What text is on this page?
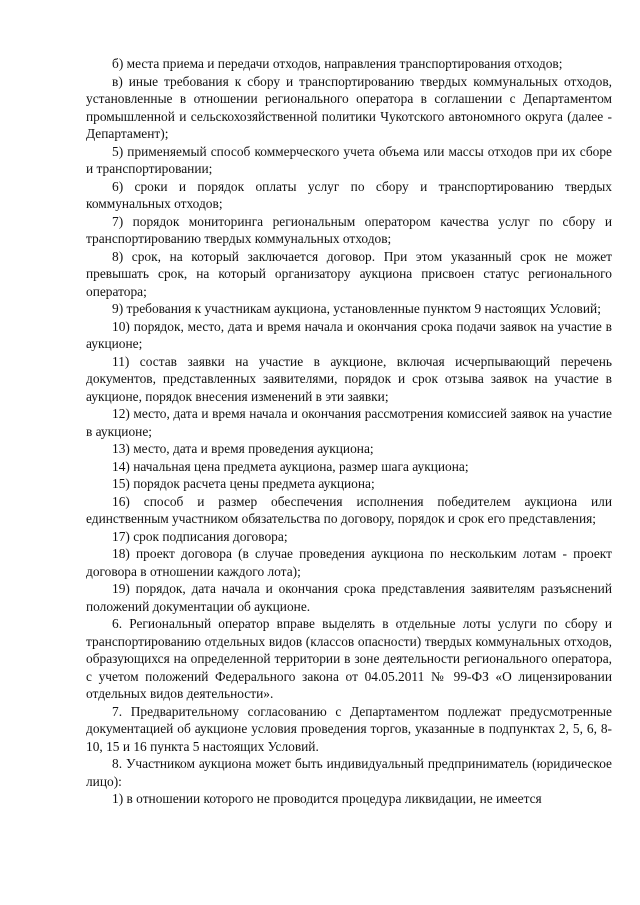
б) места приема и передачи отходов, направления транспортирования отходов;

в) иные требования к сбору и транспортированию твердых коммунальных отходов, установленные в отношении регионального оператора в соглашении с Департаментом промышленной и сельскохозяйственной политики Чукотского автономного округа (далее - Департамент);

5) применяемый способ коммерческого учета объема или массы отходов при их сборе и транспортировании;

6) сроки и порядок оплаты услуг по сбору и транспортированию твердых коммунальных отходов;

7) порядок мониторинга региональным оператором качества услуг по сбору и транспортированию твердых коммунальных отходов;

8) срок, на который заключается договор. При этом указанный срок не может превышать срок, на который организатору аукциона присвоен статус регионального оператора;

9) требования к участникам аукциона, установленные пунктом 9 настоящих Условий;

10) порядок, место, дата и время начала и окончания срока подачи заявок на участие в аукционе;

11) состав заявки на участие в аукционе, включая исчерпывающий перечень документов, представленных заявителями, порядок и срок отзыва заявок на участие в аукционе, порядок внесения изменений в эти заявки;

12) место, дата и время начала и окончания рассмотрения комиссией заявок на участие в аукционе;

13) место, дата и время проведения аукциона;

14) начальная цена предмета аукциона, размер шага аукциона;

15) порядок расчета цены предмета аукциона;

16) способ и размер обеспечения исполнения победителем аукциона или единственным участником обязательства по договору, порядок и срок его представления;

17) срок подписания договора;

18) проект договора (в случае проведения аукциона по нескольким лотам - проект договора в отношении каждого лота);

19) порядок, дата начала и окончания срока представления заявителям разъяснений положений документации об аукционе.

6. Региональный оператор вправе выделять в отдельные лоты услуги по сбору и транспортированию отдельных видов (классов опасности) твердых коммунальных отходов, образующихся на определенной территории в зоне деятельности регионального оператора, с учетом положений Федерального закона от 04.05.2011 № 99-ФЗ «О лицензировании отдельных видов деятельности».

7. Предварительному согласованию с Департаментом подлежат предусмотренные документацией об аукционе условия проведения торгов, указанные в подпунктах 2, 5, 6, 8-10, 15 и 16 пункта 5 настоящих Условий.

8. Участником аукциона может быть индивидуальный предприниматель (юридическое лицо):

1) в отношении которого не проводится процедура ликвидации, не имеется
